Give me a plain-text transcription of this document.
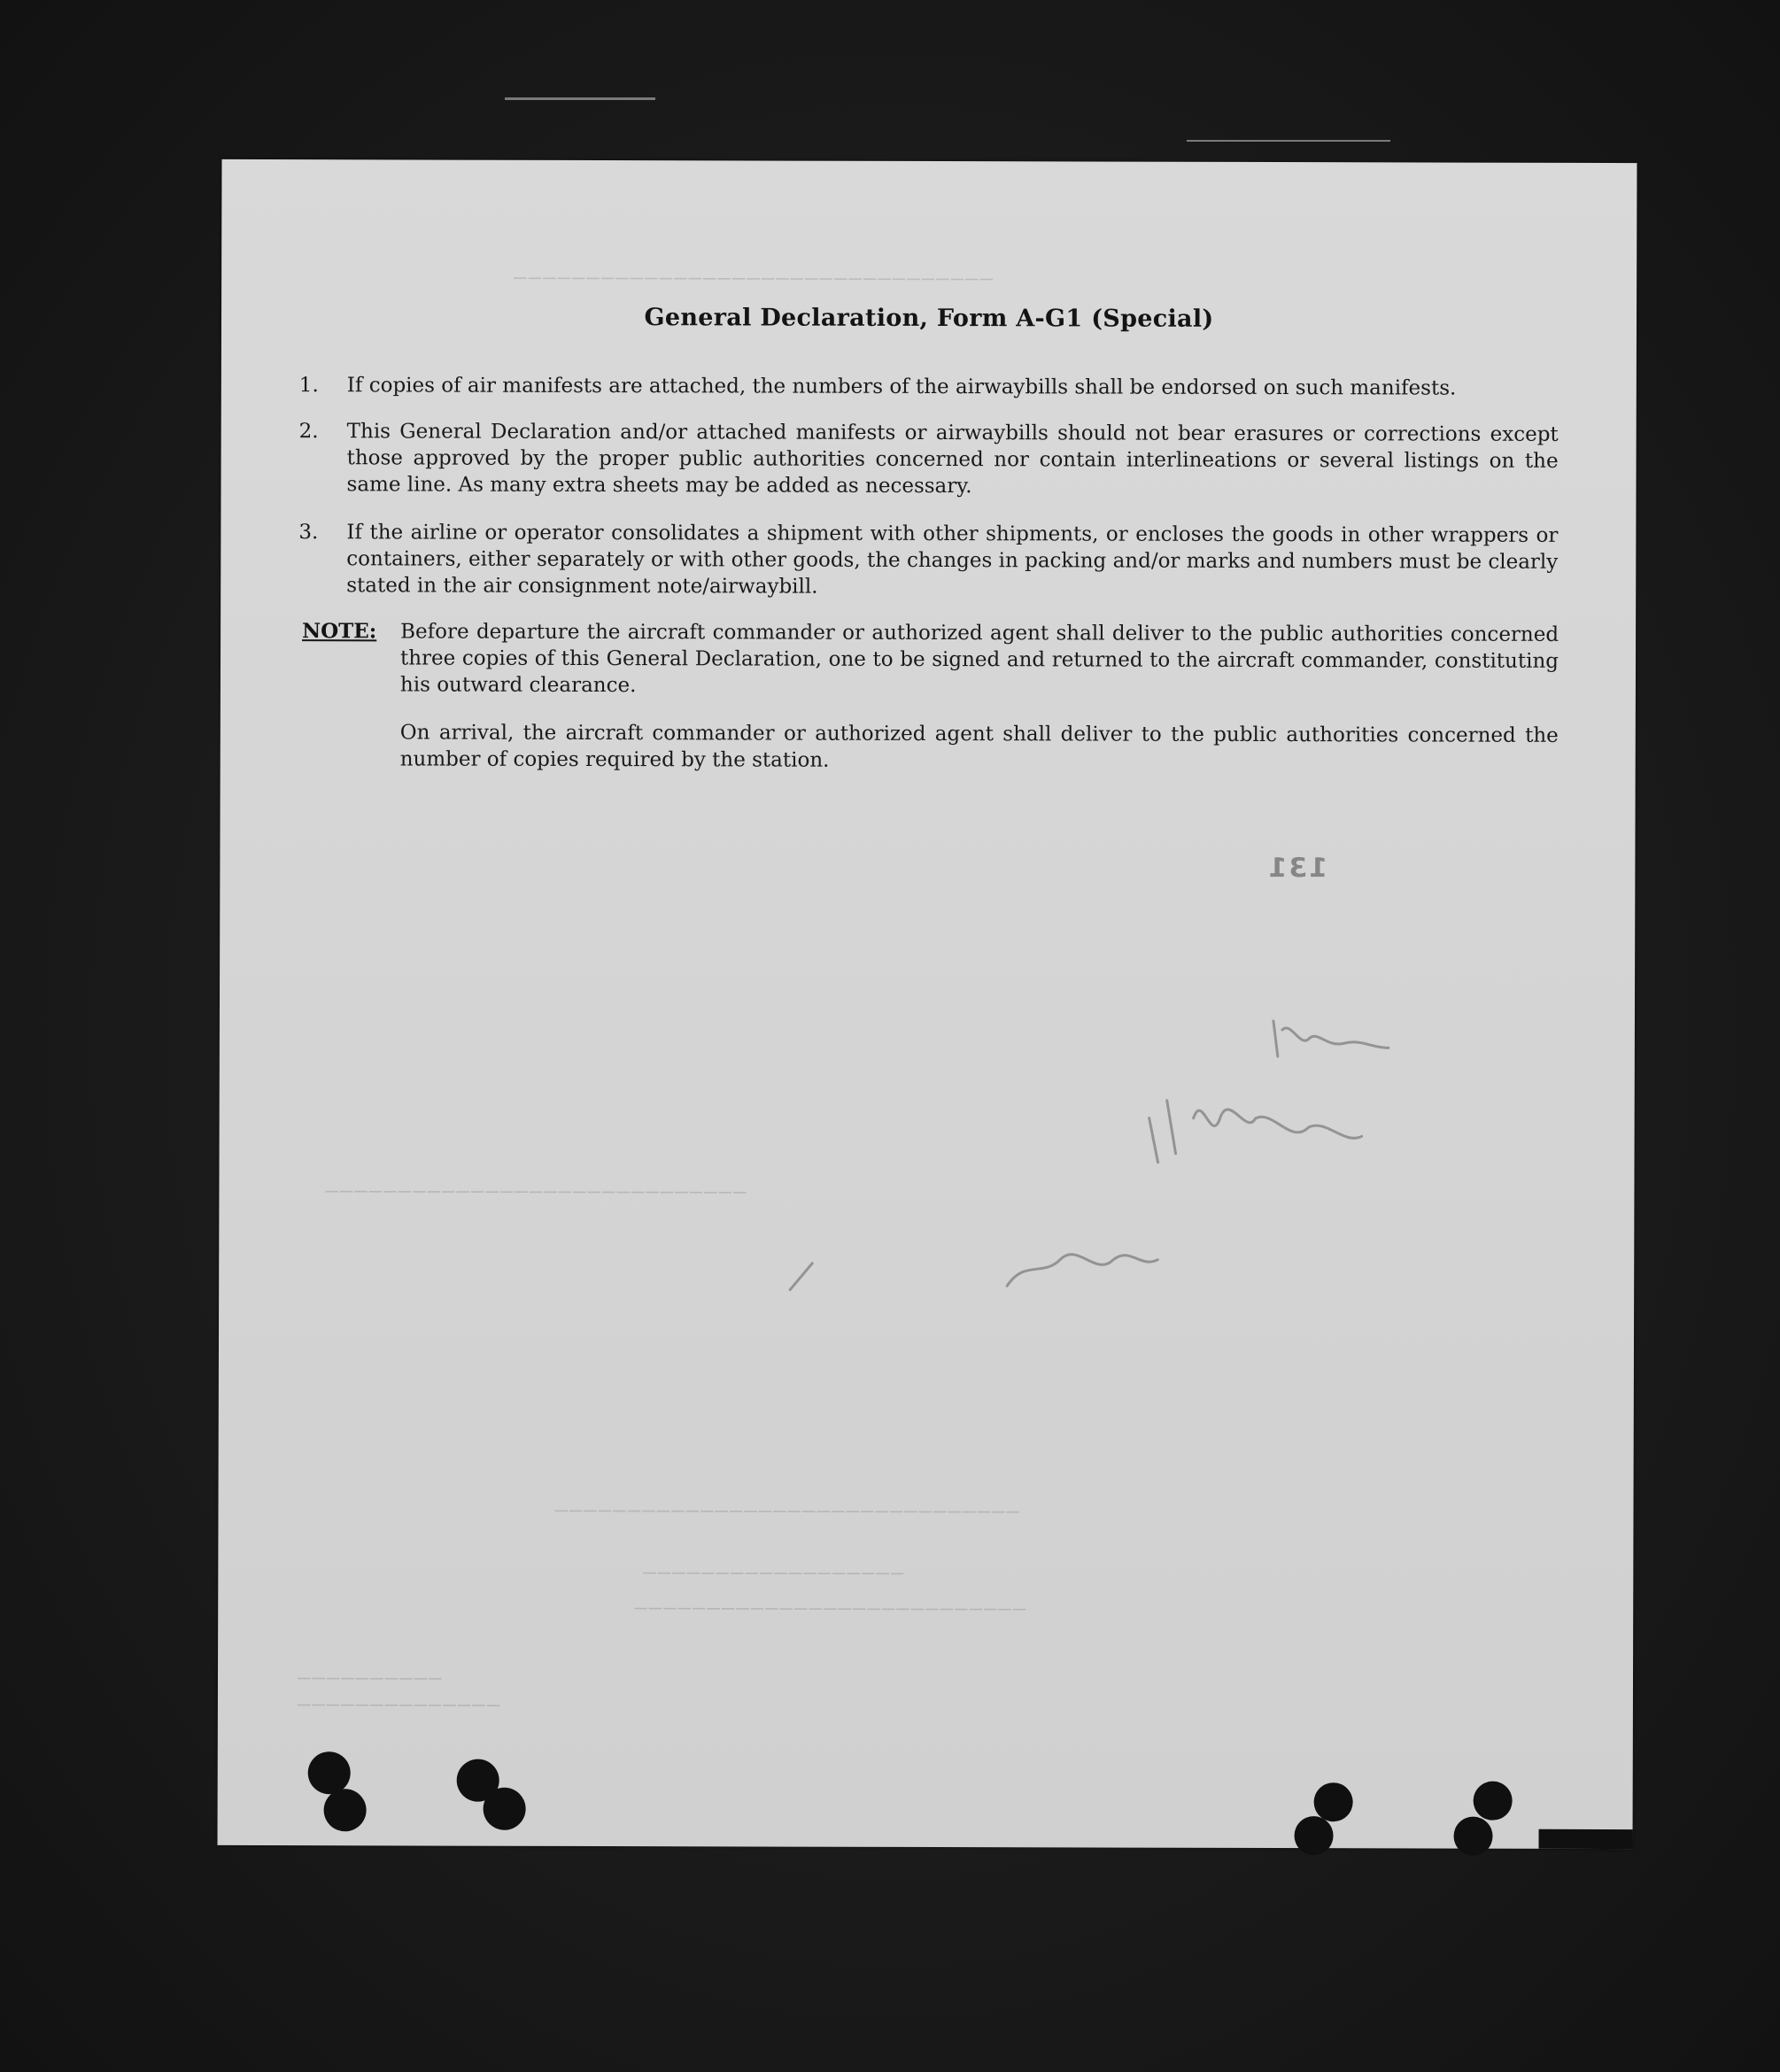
‒‒‒‒‒‒‒‒‒‒‒‒‒‒‒‒‒‒‒‒‒‒‒‒‒‒‒‒‒‒‒‒‒
‒‒‒‒‒‒‒‒‒‒‒‒‒‒‒‒‒‒‒‒‒‒‒‒‒‒‒‒‒
‒‒‒‒‒‒‒‒‒‒‒‒‒‒‒‒‒‒‒‒‒‒‒‒‒‒‒‒‒‒‒‒
‒‒‒‒‒‒‒‒‒‒‒‒‒‒‒‒‒‒
‒‒‒‒‒‒‒‒‒‒‒‒‒‒‒‒‒‒‒‒‒‒‒‒‒‒‒
‒‒‒‒‒‒‒‒‒‒
‒‒‒‒‒‒‒‒‒‒‒‒‒‒
General Declaration, Form A-G1 (Special)
1.	If copies of air manifests are attached, the numbers of the airwaybills shall be endorsed on such manifests.
2.	This General Declaration and/or attached manifests or airwaybills should not bear erasures or corrections except those approved by the proper public authorities concerned nor contain interlineations or several listings on the same line. As many extra sheets may be added as necessary.
3.	If the airline or operator consolidates a shipment with other shipments, or encloses the goods in other wrappers or containers, either separately or with other goods, the changes in packing and/or marks and numbers must be clearly stated in the air consignment note/airwaybill.
NOTE: Before departure the aircraft commander or authorized agent shall deliver to the public authorities concerned three copies of this General Declaration, one to be signed and returned to the aircraft commander, constituting his outward clearance.
On arrival, the aircraft commander or authorized agent shall deliver to the public authorities concerned the number of copies required by the station.
131
